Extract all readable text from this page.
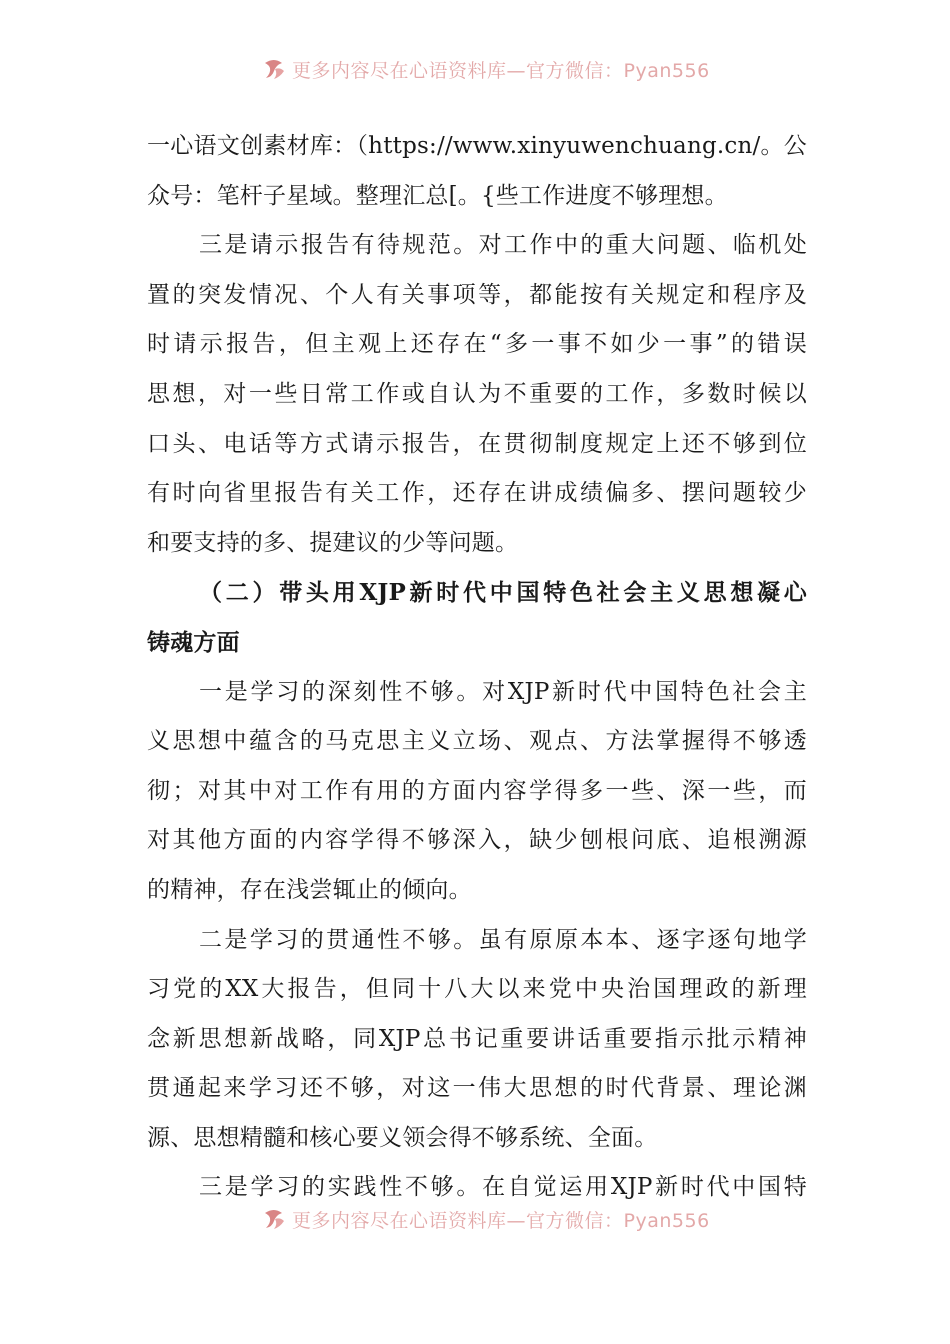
更多内容尽在心语资料库—官方微信：Pyan556
一心语文创素材库：（https://www.xinyuwenchuang.cn/。公
众号：笔杆子星域。整理汇总[。{些工作进度不够理想。
三是请示报告有待规范。对工作中的重大问题、临机处
置的突发情况、个人有关事项等，都能按有关规定和程序及
时请示报告，但主观上还存在“多一事不如少一事”的错误
思想，对一些日常工作或自认为不重要的工作，多数时候以
口头、电话等方式请示报告，在贯彻制度规定上还不够到位
有时向省里报告有关工作，还存在讲成绩偏多、摆问题较少
和要支持的多、提建议的少等问题。
（二）带头用XJP新时代中国特色社会主义思想凝心
铸魂方面
一是学习的深刻性不够。对XJP新时代中国特色社会主
义思想中蕴含的马克思主义立场、观点、方法掌握得不够透
彻；对其中对工作有用的方面内容学得多一些、深一些，而
对其他方面的内容学得不够深入，缺少刨根问底、追根溯源
的精神，存在浅尝辄止的倾向。
二是学习的贯通性不够。虽有原原本本、逐字逐句地学
习党的XX大报告，但同十八大以来党中央治国理政的新理
念新思想新战略，同XJP总书记重要讲话重要指示批示精神
贯通起来学习还不够，对这一伟大思想的时代背景、理论渊
源、思想精髓和核心要义领会得不够系统、全面。
三是学习的实践性不够。在自觉运用XJP新时代中国特
更多内容尽在心语资料库—官方微信：Pyan556
